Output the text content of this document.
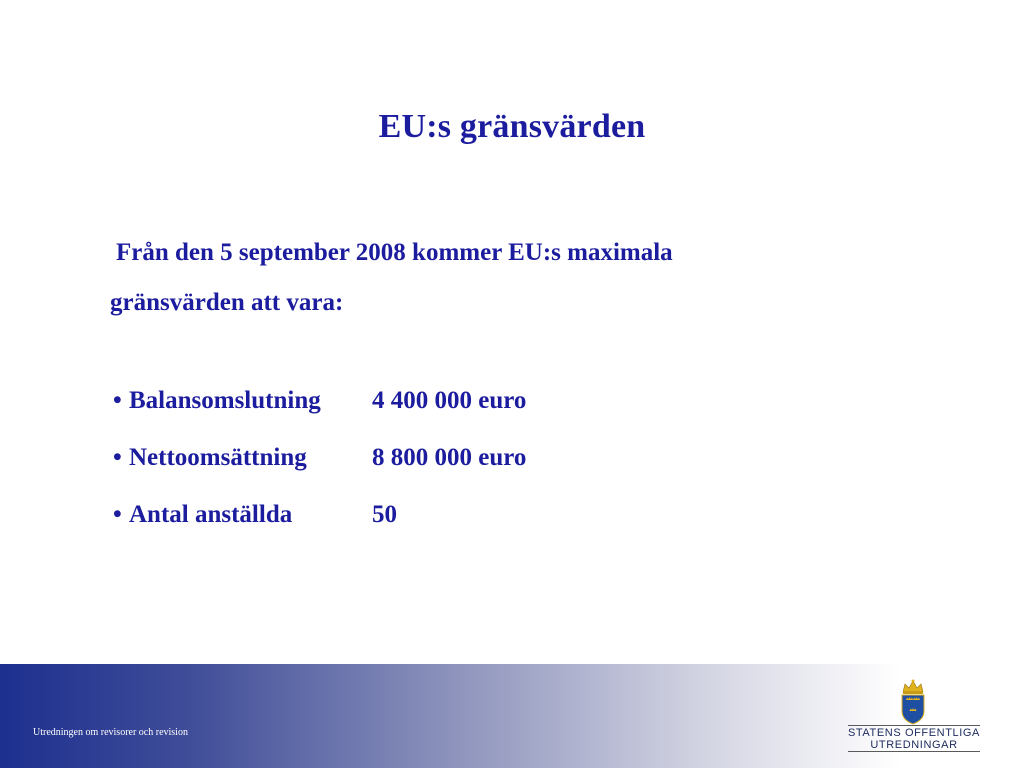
EU:s gränsvärden
Från den 5 september 2008 kommer EU:s maximala
gränsvärden att vara:
• Balansomslutning	4 400 000 euro
• Nettoomsättning	8 800 000 euro
• Antal anställda	50
Utredningen om revisorer och revision	STATENS OFFENTLIGA
UTREDNINGAR
